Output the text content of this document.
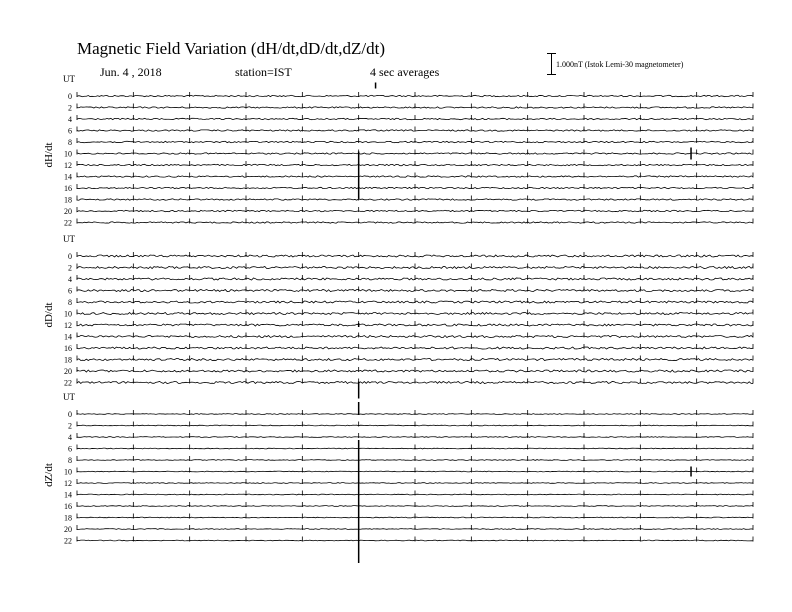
Magnetic Field Variation (dH/dt,dD/dt,dZ/dt)
Jun. 4 , 2018	station=IST	4 sec averages
1.000nT (Istok Lemi-30 magnetometer)
UT
dH/dt
0
2
4
6
8
10
12
14
16
18
20
22
UT
dD/dt
0
2
4
6
8
10
12
14
16
18
20
22
UT
dZ/dt
0
2
4
6
8
10
12
14
16
18
20
22
